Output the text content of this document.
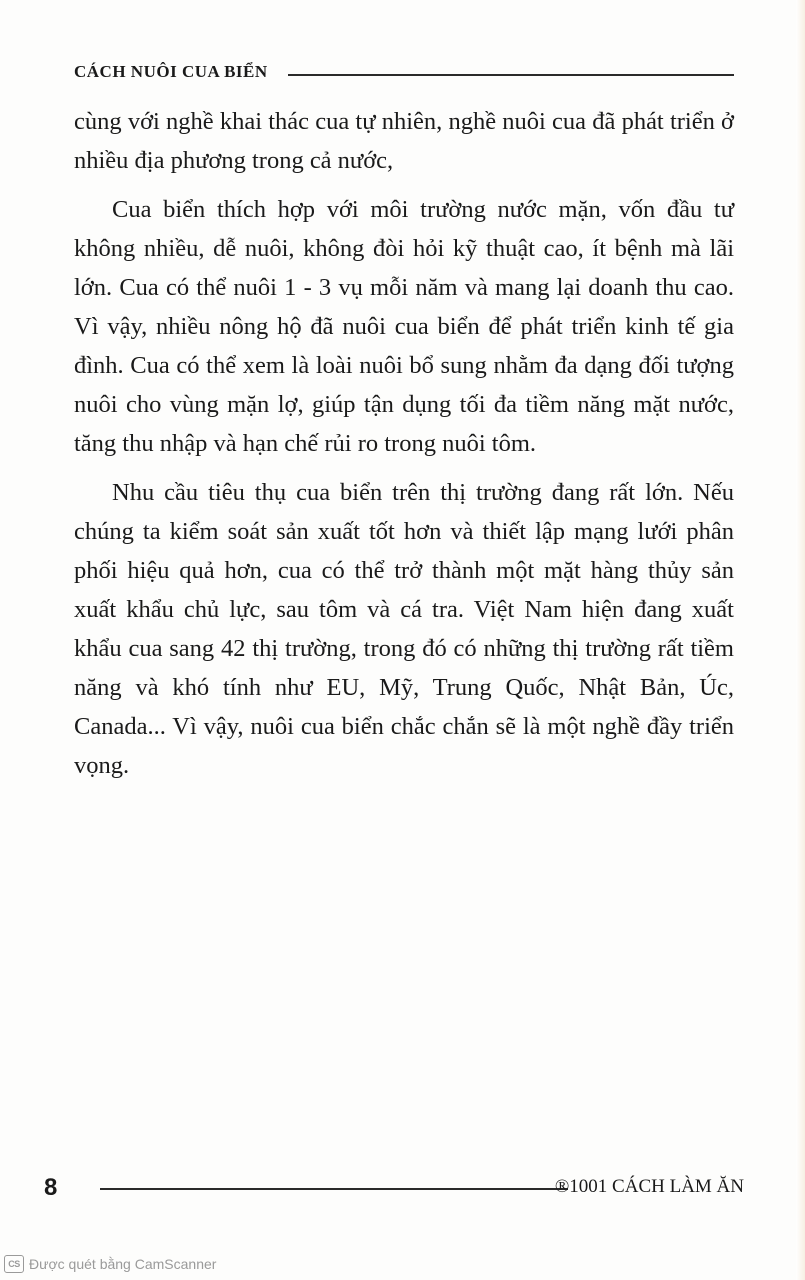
CÁCH NUÔI CUA BIỂN

cùng với nghề khai thác cua tự nhiên, nghề nuôi cua đã phát triển ở nhiều địa phương trong cả nước,

Cua biển thích hợp với môi trường nước mặn, vốn đầu tư không nhiều, dễ nuôi, không đòi hỏi kỹ thuật cao, ít bệnh mà lãi lớn. Cua có thể nuôi 1 - 3 vụ mỗi năm và mang lại doanh thu cao. Vì vậy, nhiều nông hộ đã nuôi cua biển để phát triển kinh tế gia đình. Cua có thể xem là loài nuôi bổ sung nhằm đa dạng đối tượng nuôi cho vùng mặn lợ, giúp tận dụng tối đa tiềm năng mặt nước, tăng thu nhập và hạn chế rủi ro trong nuôi tôm.

Nhu cầu tiêu thụ cua biển trên thị trường đang rất lớn. Nếu chúng ta kiểm soát sản xuất tốt hơn và thiết lập mạng lưới phân phối hiệu quả hơn, cua có thể trở thành một mặt hàng thủy sản xuất khẩu chủ lực, sau tôm và cá tra. Việt Nam hiện đang xuất khẩu cua sang 42 thị trường, trong đó có những thị trường rất tiềm năng và khó tính như EU, Mỹ, Trung Quốc, Nhật Bản, Úc, Canada... Vì vậy, nuôi cua biển chắc chắn sẽ là một nghề đầy triển vọng.

8	®1001 CÁCH LÀM ĂN
CS Được quét bằng CamScanner
